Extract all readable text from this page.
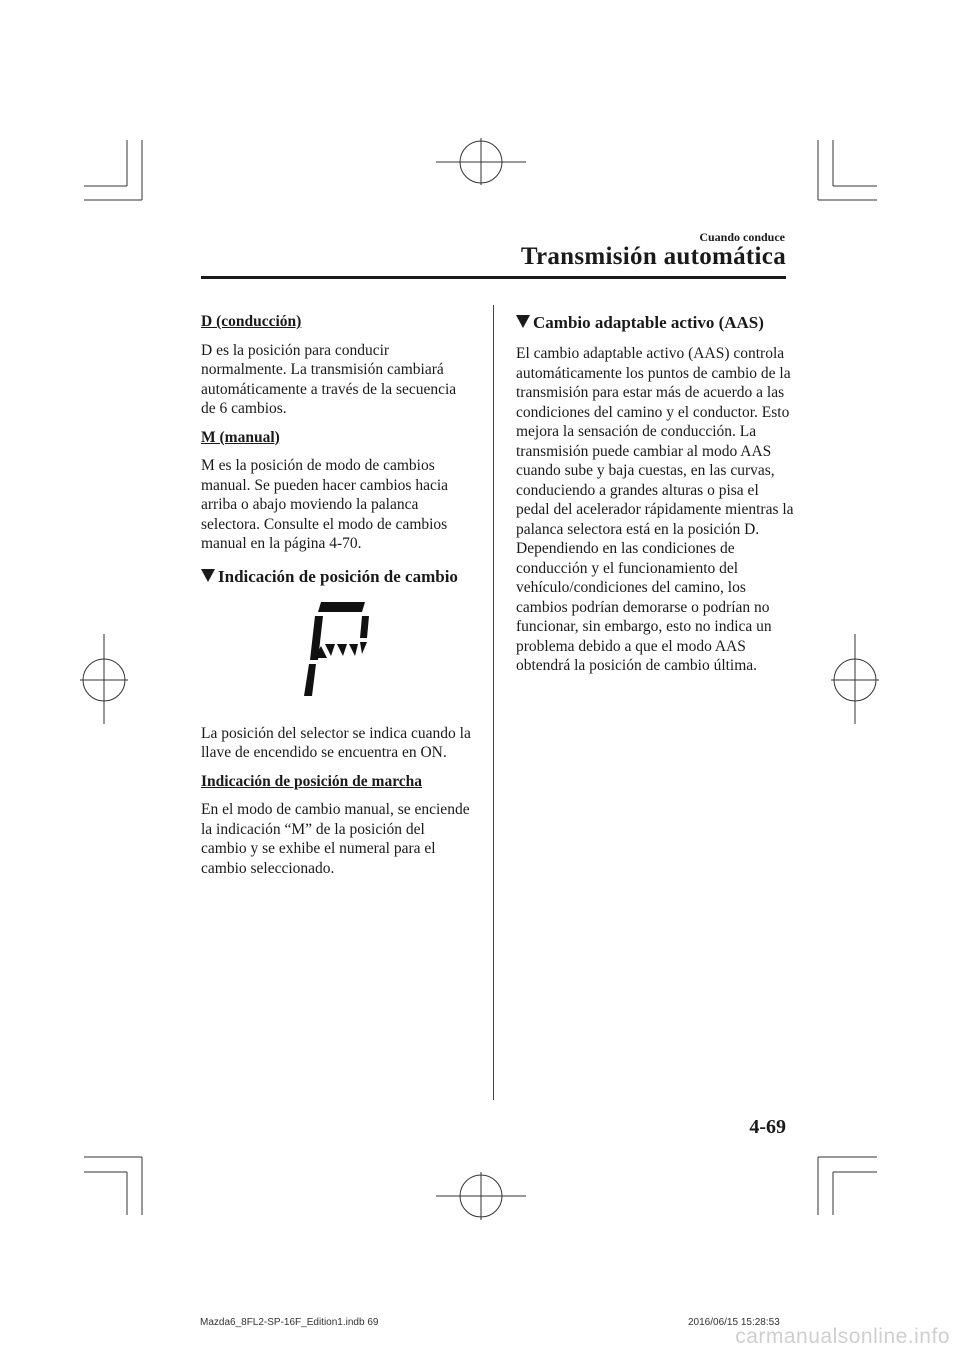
Cuando conduce
Transmisión automática
D (conducción)

D es la posición para conducir normalmente. La transmisión cambiará automáticamente a través de la secuencia de 6 cambios.

M (manual)

M es la posición de modo de cambios manual. Se pueden hacer cambios hacia arriba o abajo moviendo la palanca selectora. Consulte el modo de cambios manual en la página 4-70.

Indicación de posición de cambio

La posición del selector se indica cuando la llave de encendido se encuentra en ON.

Indicación de posición de marcha

En el modo de cambio manual, se enciende la indicación “M” de la posición del cambio y se exhibe el numeral para el cambio seleccionado.

Cambio adaptable activo (AAS)

El cambio adaptable activo (AAS) controla automáticamente los puntos de cambio de la transmisión para estar más de acuerdo a las condiciones del camino y el conductor. Esto mejora la sensación de conducción. La transmisión puede cambiar al modo AAS cuando sube y baja cuestas, en las curvas, conduciendo a grandes alturas o pisa el pedal del acelerador rápidamente mientras la palanca selectora está en la posición D. Dependiendo en las condiciones de conducción y el funcionamiento del vehículo/condiciones del camino, los cambios podrían demorarse o podrían no funcionar, sin embargo, esto no indica un problema debido a que el modo AAS obtendrá la posición de cambio última.

4-69
Mazda6_8FL2-SP-16F_Edition1.indb 69	2016/06/15 15:28:53
carmanualsonline.info
